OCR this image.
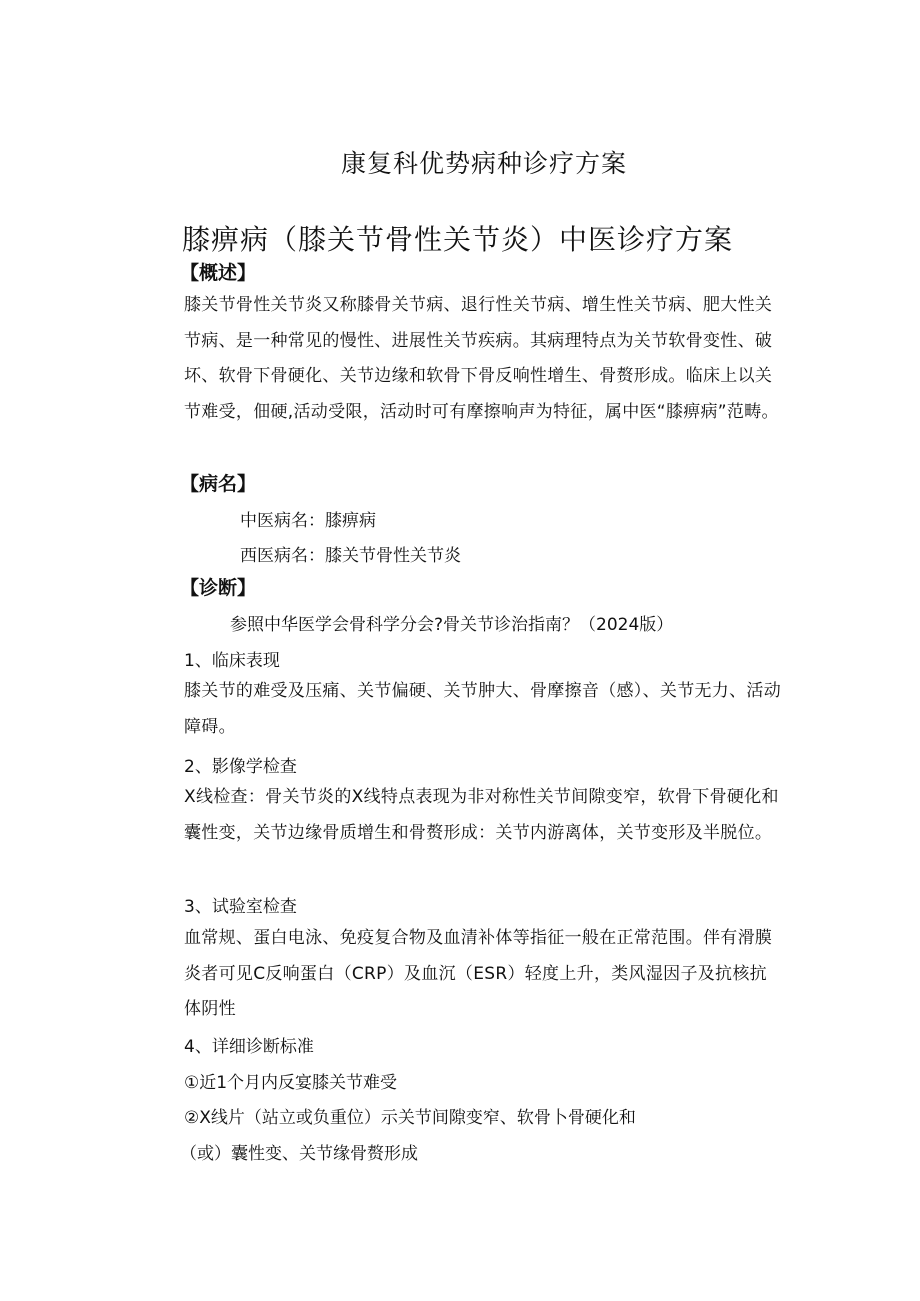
康复科优势病种诊疗方案
膝痹病（膝关节骨性关节炎）中医诊疗方案
【概述】
膝关节骨性关节炎又称膝骨关节病、退行性关节病、增生性关节病、肥大性关节病、是一种常见的慢性、进展性关节疾病。其病理特点为关节软骨变性、破坏、软骨下骨硬化、关节边缘和软骨下骨反响性增生、骨赘形成。临床上以关节难受，佃硬,活动受限，活动时可有摩擦响声为特征，属中医“膝痹病”范畴。
【病名】
中医病名：膝痹病
西医病名：膝关节骨性关节炎
【诊断】
参照中华医学会骨科学分会?骨关节诊治指南？（2024版）
1、临床表现
膝关节的难受及压痛、关节偏硬、关节肿大、骨摩擦音（感）、关节无力、活动障碍。
2、影像学检查
X线检查：骨关节炎的X线特点表现为非对称性关节间隙变窄，软骨下骨硬化和囊性变，关节边缘骨质增生和骨赘形成：关节内游离体，关节变形及半脱位。
3、试验室检查
血常规、蛋白电泳、免疫复合物及血清补体等指征一般在正常范围。伴有滑膜炎者可见C反响蛋白（CRP）及血沉（ESR）轻度上升，类风湿因子及抗核抗体阴性
4、详细诊断标准
①近1个月内反宴膝关节难受
②X线片（站立或负重位）示关节间隙变窄、软骨卜骨硬化和
（或）囊性变、关节缘骨赘形成
